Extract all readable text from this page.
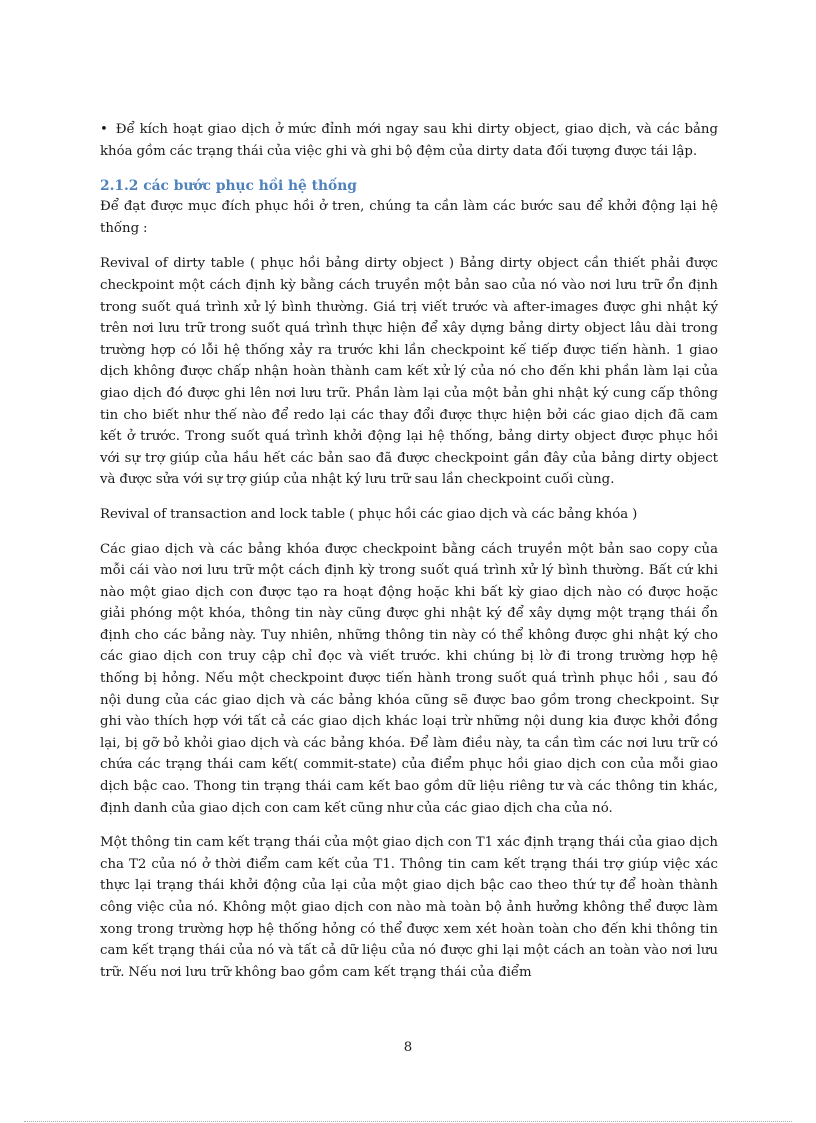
• Để kích hoạt giao dịch ở mức đỉnh mới ngay sau khi dirty object, giao dịch, và các bảng khóa gồm các trạng thái của việc ghi và ghi bộ đệm của dirty data đối tượng được tái lập.

2.1.2 các bước phục hồi hệ thống

Để đạt được mục đích phục hồi ở tren, chúng ta cần làm các bước sau để khởi động lại hệ thống :

Revival of dirty table ( phục hồi bảng dirty object ) Bảng dirty object cần thiết phải được checkpoint một cách định kỳ bằng cách truyền một bản sao của nó vào nơi lưu trữ ổn định trong suốt quá trình xử lý bình thường. Giá trị viết trước và after-images được ghi nhật ký trên nơi lưu trữ trong suốt quá trình thực hiện để xây dựng bảng dirty object lâu dài trong trường hợp có lỗi hệ thống xảy ra trước khi lần checkpoint kế tiếp được tiến hành. 1 giao dịch không được chấp nhận hoàn thành cam kết xử lý của nó cho đến khi phần làm lại của giao dịch đó được ghi lên nơi lưu trữ. Phần làm lại của một bản ghi nhật ký cung cấp thông tin cho biết như thế nào để redo lại các thay đổi được thực hiện bởi các giao dịch đã cam kết ở trước. Trong suốt quá trình khởi động lại hệ thống, bảng dirty object được phục hồi với sự trợ giúp của hầu hết các bản sao đã được checkpoint gần đây của bảng dirty object và được sửa với sự trợ giúp của nhật ký lưu trữ sau lần checkpoint cuối cùng.

Revival of transaction and lock table ( phục hồi các giao dịch và các bảng khóa )

Các giao dịch và các bảng khóa được checkpoint bằng cách truyền một bản sao copy của mỗi cái vào nơi lưu trữ một cách định kỳ trong suốt quá trình xử lý bình thường. Bất cứ khi nào một giao dịch con được tạo ra hoạt động hoặc khi bất kỳ giao dịch nào có được hoặc giải phóng một khóa, thông tin này cũng được ghi nhật ký để xây dựng một trạng thái ổn định cho các bảng này. Tuy nhiên, những thông tin này có thể không được ghi nhật ký cho các giao dịch con truy cập chỉ đọc và viết trước. khi chúng bị lờ đi trong trường hợp hệ thống bị hỏng. Nếu một checkpoint được tiến hành trong suốt quá trình phục hồi , sau đó nội dung của các giao dịch và các bảng khóa cũng sẽ được bao gồm trong checkpoint. Sự ghi vào thích hợp với tất cả các giao dịch khác loại trừ những nội dung kia được khởi đồng lại, bị gỡ bỏ khỏi giao dịch và các bảng khóa. Để làm điều này, ta cần tìm các nơi lưu trữ có chứa các trạng thái cam kết( commit-state) của điểm phục hồi giao dịch con của mỗi giao dịch bậc cao. Thong tin trạng thái cam kết bao gồm dữ liệu riêng tư và các thông tin khác, định danh của giao dịch con cam kết cũng như của các giao dịch cha của nó.

Một thông tin cam kết trạng thái của một giao dịch con T1 xác định trạng thái của giao dịch cha T2 của nó ở thời điểm cam kết của T1. Thông tin cam kết trạng thái trợ giúp việc xác thực lại trạng thái khởi động của lại của một giao dịch bậc cao theo thứ tự để hoàn thành công việc của nó. Không một giao dịch con nào mà toàn bộ ảnh hưởng không thể được làm xong trong trường hợp hệ thống hỏng có thể được xem xét hoàn toàn cho đến khi thông tin cam kết trạng thái của nó và tất cả dữ liệu của nó được ghi lại một cách an toàn vào nơi lưu trữ. Nếu nơi lưu trữ không bao gồm cam kết trạng thái của điểm

8
